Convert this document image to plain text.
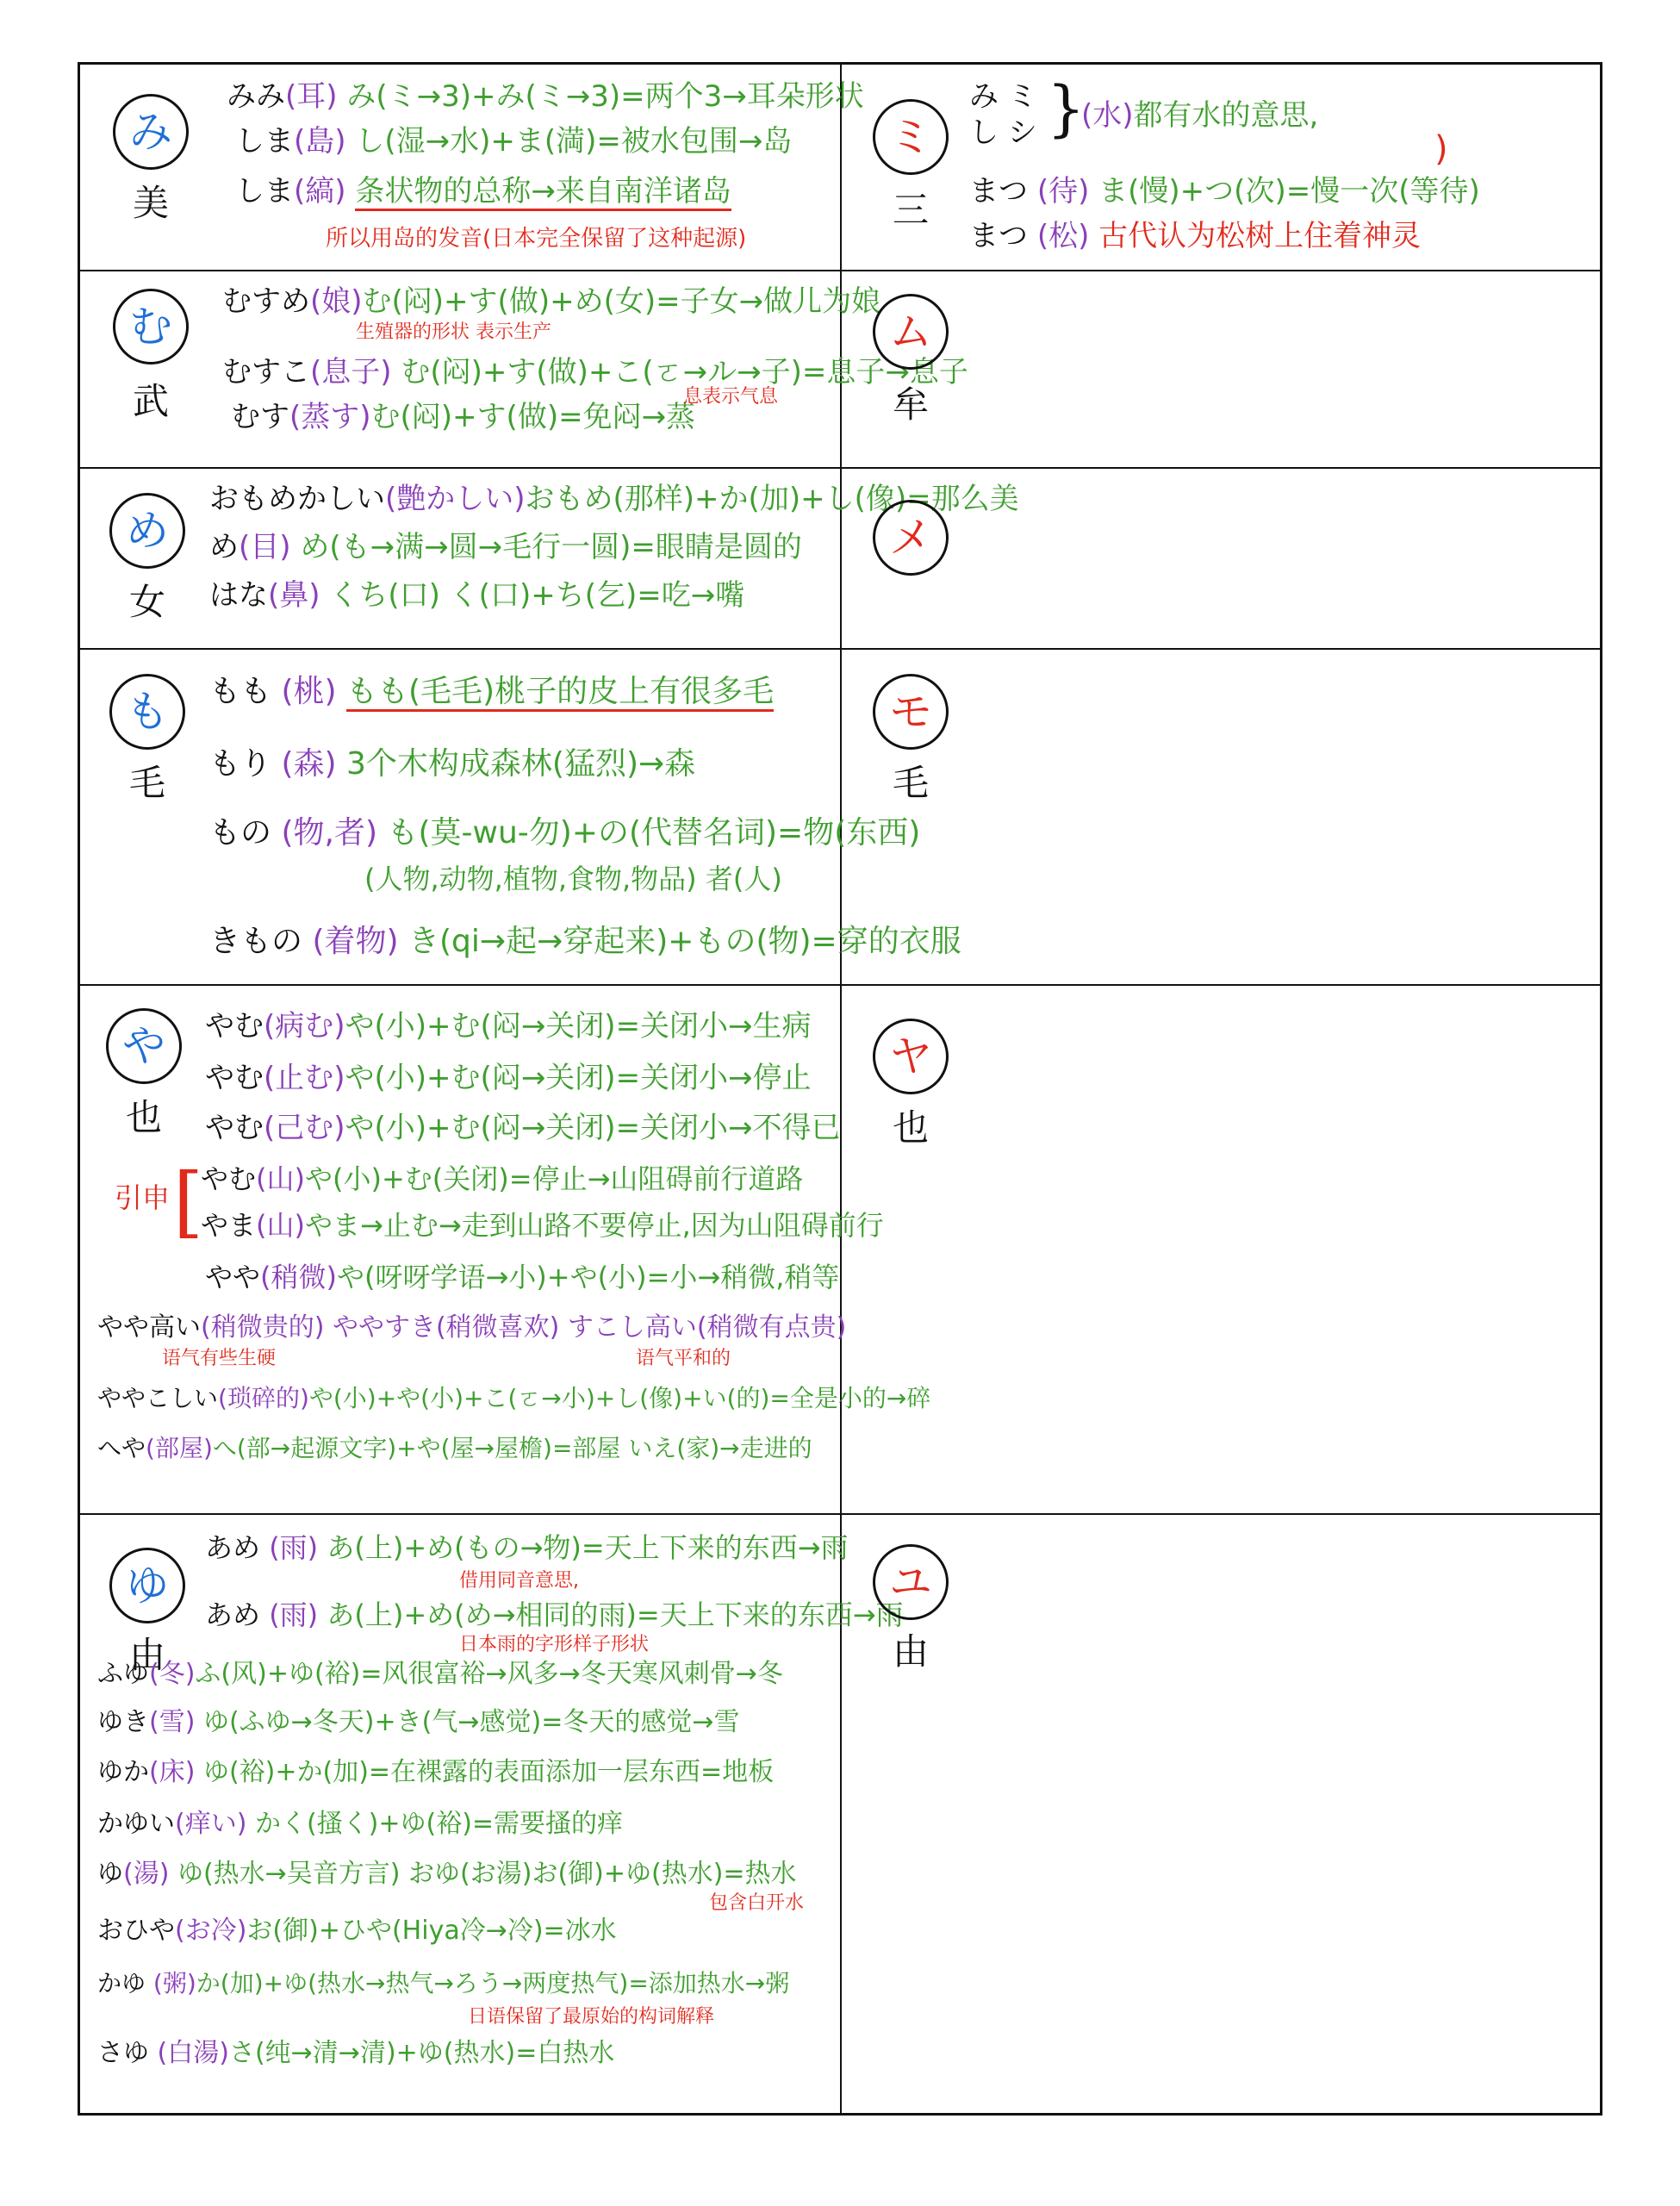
み
美
みみ(耳) み(ミ→3)+み(ミ→3)=两个3→耳朵形状
しま(島) し(湿→水)+ま(満)=被水包围→岛
しま(縞) 条状物的总称→来自南洋诸岛
所以用岛的发音(日本完全保留了这种起源)
ミ
三
み ミ
し シ }
(水)都有水的意思,
まつ (待) ま(慢)+つ(次)=慢一次(等待)
まつ (松) 古代认为松树上住着神灵
む
武
むすめ(娘)む(闷)+す(做)+め(女)=子女→做儿为娘
生殖器的形状 表示生产
むすこ(息子) む(闷)+す(做)+こ(ㄛ→ル→子)=息子→息子
むす(蒸す)む(闷)+す(做)=免闷→蒸
息表示气息
ム
牟
め
女
おもめかしい(艶かしい)おもめ(那样)+か(加)+し(像)=那么美
め(目) め(も→满→圆→毛行一圆)=眼睛是圆的
はな(鼻) くち(口) く(口)+ち(乞)=吃→嘴
メ
も
毛
もも (桃) もも(毛毛)桃子的皮上有很多毛
もり (森) 3个木构成森林(猛烈)→森
もの (物,者) も(莫-wu-勿)+の(代替名词)=物(东西)
(人物,动物,植物,食物,物品) 者(人)
きもの (着物) き(qi→起→穿起来)+もの(物)=穿的衣服
モ
毛
や
也
やむ(病む)や(小)+む(闷→关闭)=关闭小→生病
やむ(止む)や(小)+む(闷→关闭)=关闭小→停止
やむ(己む)や(小)+む(闷→关闭)=关闭小→不得已
引申 [
やむ(山)や(小)+む(关闭)=停止→山阻碍前行道路
やま(山)やま→止む→走到山路不要停止,因为山阻碍前行
やや(稍微)や(呀呀学语→小)+や(小)=小→稍微,稍等
やや高い(稍微贵的) ややすき(稍微喜欢) すこし高い(稍微有点贵)
语气有些生硬	语气平和的
ややこしい(琐碎的)や(小)+や(小)+こ(ㄛ→小)+し(像)+い(的)=全是小的→碎
へや(部屋)へ(部→起源文字)+や(屋→屋檐)=部屋 いえ(家)→走进的
ヤ
也
ゆ
由
あめ (雨) あ(上)+め(もの→物)=天上下来的东西→雨
借用同音意思,
あめ (雨) あ(上)+め(め→相同的雨)=天上下来的东西→雨
日本雨的字形样子形状
ふゆ(冬)ふ(风)+ゆ(裕)=风很富裕→风多→冬天寒风刺骨→冬
ゆき(雪) ゆ(ふゆ→冬天)+き(气→感觉)=冬天的感觉→雪
ゆか(床) ゆ(裕)+か(加)=在裸露的表面添加一层东西=地板
かゆい(痒い) かく(搔く)+ゆ(裕)=需要搔的痒
ゆ(湯) ゆ(热水→吴音方言) おゆ(お湯)お(御)+ゆ(热水)=热水
包含白开水
おひや(お冷)お(御)+ひや(Hiya冷→冷)=冰水
かゆ (粥)か(加)+ゆ(热水→热气→ろう→两度热气)=添加热水→粥
日语保留了最原始的构词解释
さゆ (白湯)さ(纯→清→清)+ゆ(热水)=白热水
ユ
由
)
